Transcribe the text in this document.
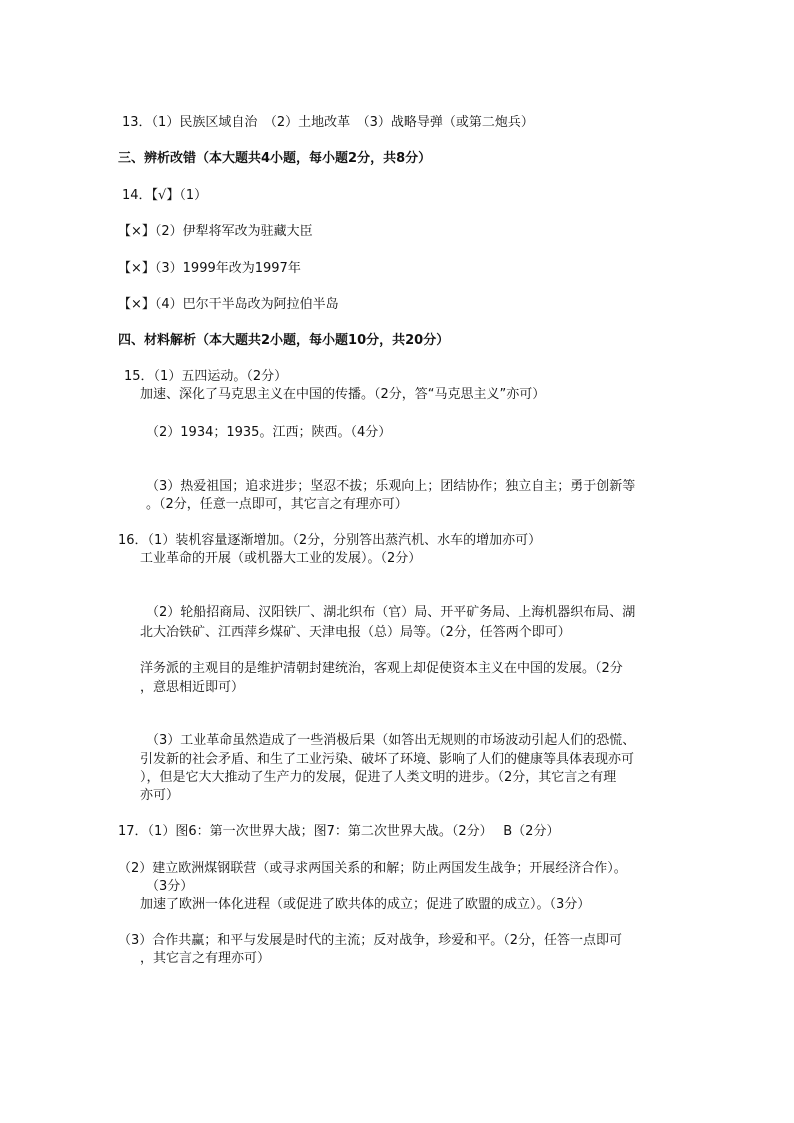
13．（1）民族区域自治　（2）土地改革　（3）战略导弹（或第二炮兵）
三、辨析改错（本大题共4小题，每小题2分，共8分）
14．【√】（1）
【×】（2）伊犁将军改为驻藏大臣
【×】（3）1999年改为1997年
【×】（4）巴尔干半岛改为阿拉伯半岛
四、材料解析（本大题共2小题，每小题10分，共20分）
15．（1）五四运动。（2分）
加速、深化了马克思主义在中国的传播。（2分，答“马克思主义”亦可）
（2）1934；1935。江西；陕西。（4分）
（3）热爱祖国；追求进步；坚忍不拔；乐观向上；团结协作；独立自主；勇于创新等
。（2分，任意一点即可，其它言之有理亦可）
16．（1）装机容量逐渐增加。（2分，分别答出蒸汽机、水车的增加亦可）
工业革命的开展（或机器大工业的发展）。（2分）
（2）轮船招商局、汉阳铁厂、湖北织布（官）局、开平矿务局、上海机器织布局、湖
北大冶铁矿、江西萍乡煤矿、天津电报（总）局等。（2分，任答两个即可）
洋务派的主观目的是维护清朝封建统治，客观上却促使资本主义在中国的发展。（2分
，意思相近即可）
（3）工业革命虽然造成了一些消极后果（如答出无规则的市场波动引起人们的恐慌、
引发新的社会矛盾、和生了工业污染、破坏了环境、影响了人们的健康等具体表现亦可
），但是它大大推动了生产力的发展，促进了人类文明的进步。（2分，其它言之有理
亦可）
17．（1）图6：第一次世界大战；图7：第二次世界大战。（2分）　 B（2分）
（2）建立欧洲煤钢联营（或寻求两国关系的和解；防止两国发生战争；开展经济合作）。
（3分）
加速了欧洲一体化进程（或促进了欧共体的成立；促进了欧盟的成立）。（3分）
（3）合作共赢；和平与发展是时代的主流；反对战争，珍爱和平。（2分，任答一点即可
，其它言之有理亦可）
